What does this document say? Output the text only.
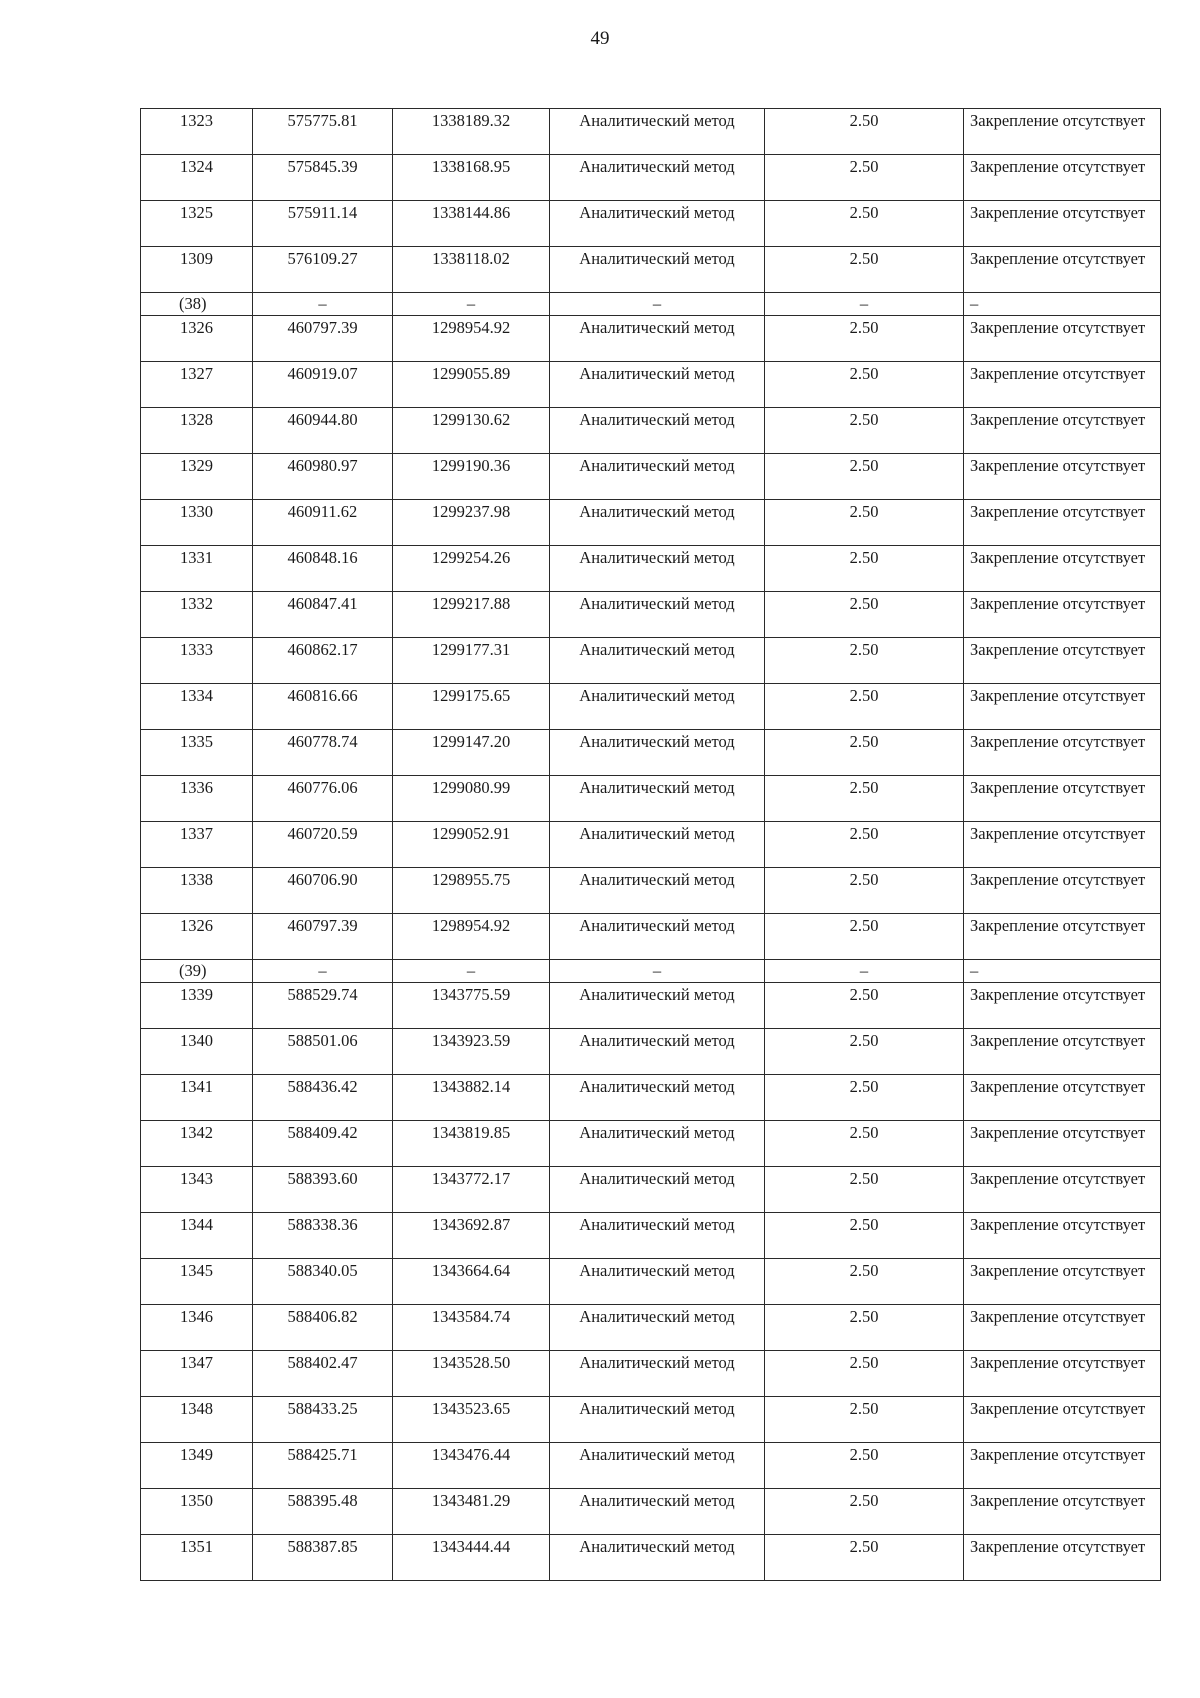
49
1323	575775.81	1338189.32	Аналитический метод	2.50	Закрепление отсутствует
1324	575845.39	1338168.95	Аналитический метод	2.50	Закрепление отсутствует
1325	575911.14	1338144.86	Аналитический метод	2.50	Закрепление отсутствует
1309	576109.27	1338118.02	Аналитический метод	2.50	Закрепление отсутствует
(38)	–	–	–	–	–
1326	460797.39	1298954.92	Аналитический метод	2.50	Закрепление отсутствует
1327	460919.07	1299055.89	Аналитический метод	2.50	Закрепление отсутствует
1328	460944.80	1299130.62	Аналитический метод	2.50	Закрепление отсутствует
1329	460980.97	1299190.36	Аналитический метод	2.50	Закрепление отсутствует
1330	460911.62	1299237.98	Аналитический метод	2.50	Закрепление отсутствует
1331	460848.16	1299254.26	Аналитический метод	2.50	Закрепление отсутствует
1332	460847.41	1299217.88	Аналитический метод	2.50	Закрепление отсутствует
1333	460862.17	1299177.31	Аналитический метод	2.50	Закрепление отсутствует
1334	460816.66	1299175.65	Аналитический метод	2.50	Закрепление отсутствует
1335	460778.74	1299147.20	Аналитический метод	2.50	Закрепление отсутствует
1336	460776.06	1299080.99	Аналитический метод	2.50	Закрепление отсутствует
1337	460720.59	1299052.91	Аналитический метод	2.50	Закрепление отсутствует
1338	460706.90	1298955.75	Аналитический метод	2.50	Закрепление отсутствует
1326	460797.39	1298954.92	Аналитический метод	2.50	Закрепление отсутствует
(39)	–	–	–	–	–
1339	588529.74	1343775.59	Аналитический метод	2.50	Закрепление отсутствует
1340	588501.06	1343923.59	Аналитический метод	2.50	Закрепление отсутствует
1341	588436.42	1343882.14	Аналитический метод	2.50	Закрепление отсутствует
1342	588409.42	1343819.85	Аналитический метод	2.50	Закрепление отсутствует
1343	588393.60	1343772.17	Аналитический метод	2.50	Закрепление отсутствует
1344	588338.36	1343692.87	Аналитический метод	2.50	Закрепление отсутствует
1345	588340.05	1343664.64	Аналитический метод	2.50	Закрепление отсутствует
1346	588406.82	1343584.74	Аналитический метод	2.50	Закрепление отсутствует
1347	588402.47	1343528.50	Аналитический метод	2.50	Закрепление отсутствует
1348	588433.25	1343523.65	Аналитический метод	2.50	Закрепление отсутствует
1349	588425.71	1343476.44	Аналитический метод	2.50	Закрепление отсутствует
1350	588395.48	1343481.29	Аналитический метод	2.50	Закрепление отсутствует
1351	588387.85	1343444.44	Аналитический метод	2.50	Закрепление отсутствует
